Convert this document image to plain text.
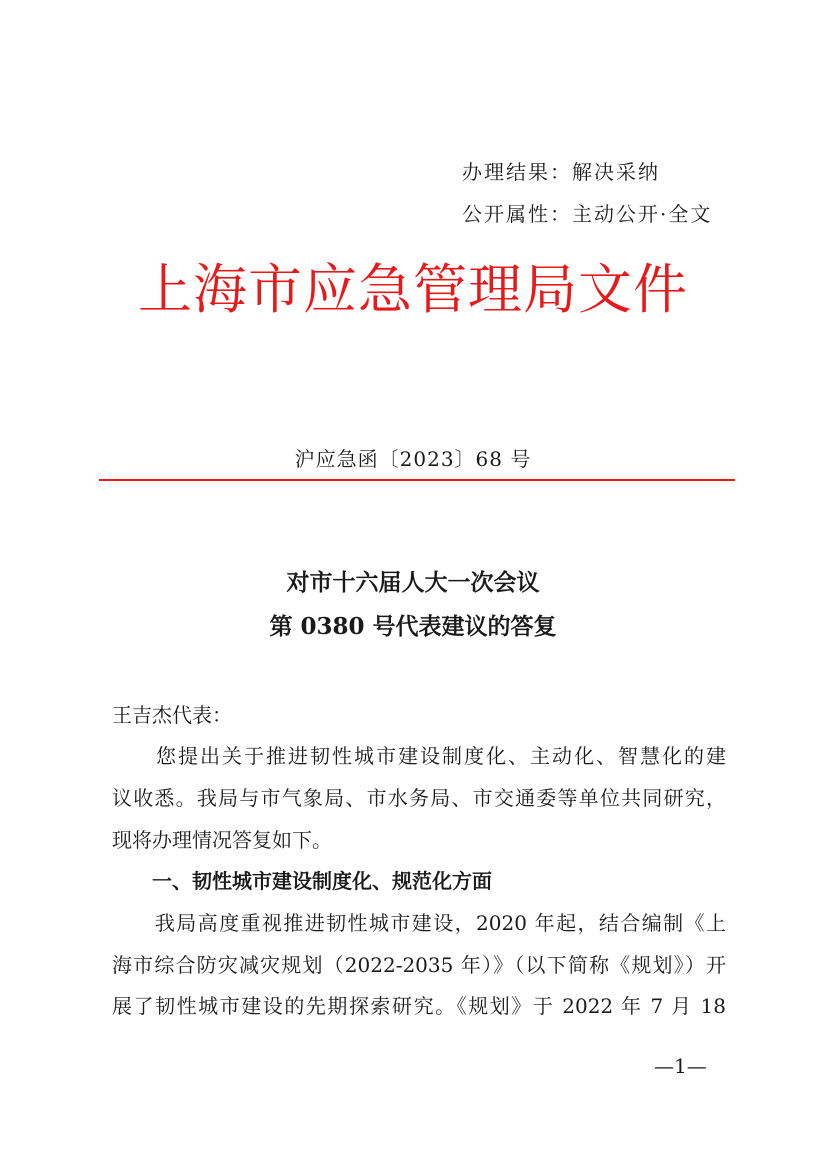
办理结果：解决采纳
公开属性：主动公开·全文
上海市应急管理局文件
沪应急函〔2023〕68 号
对市十六届人大一次会议
第 0380 号代表建议的答复
王吉杰代表：
　　您提出关于推进韧性城市建设制度化、主动化、智慧化的建
议收悉。我局与市气象局、市水务局、市交通委等单位共同研究，
现将办理情况答复如下。
　　一、韧性城市建设制度化、规范化方面
　　我局高度重视推进韧性城市建设，2020 年起，结合编制《上
海市综合防灾减灾规划（2022-2035 年）》（以下简称《规划》）开
展了韧性城市建设的先期探索研究。《规划》于 2022 年 7 月 18
—1—
